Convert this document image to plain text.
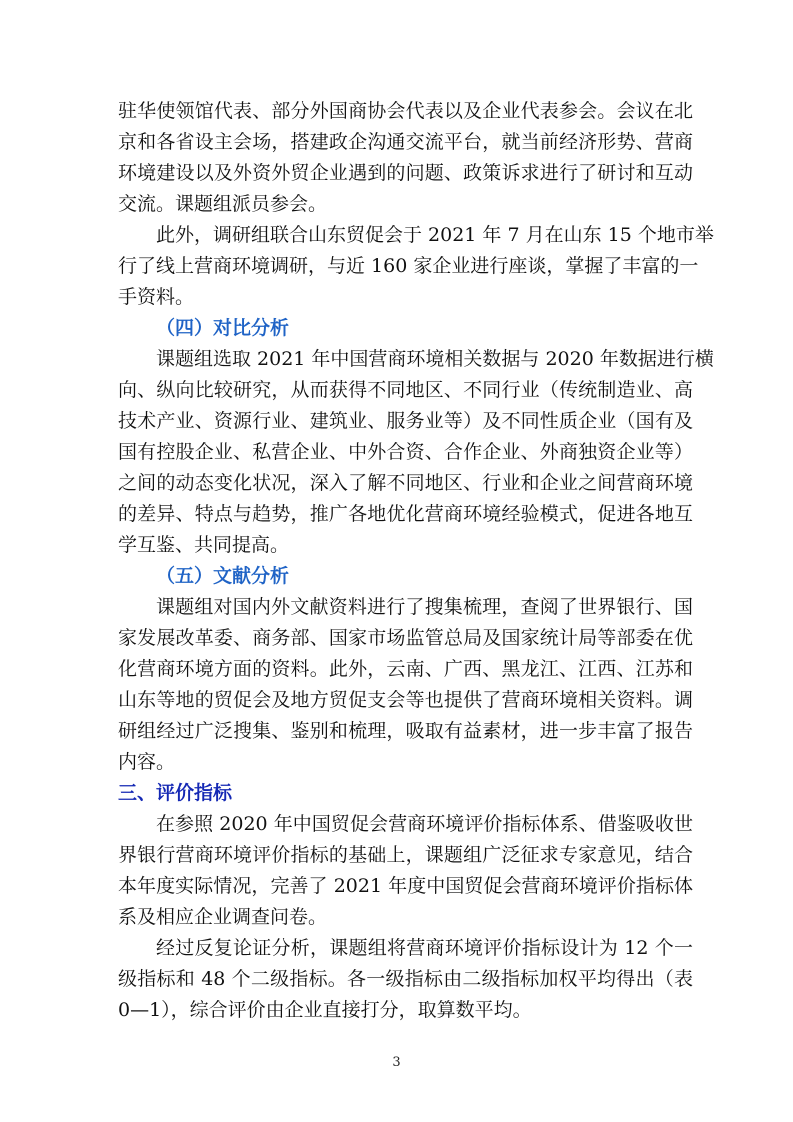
驻华使领馆代表、部分外国商协会代表以及企业代表参会。会议在北
京和各省设主会场，搭建政企沟通交流平台，就当前经济形势、营商
环境建设以及外资外贸企业遇到的问题、政策诉求进行了研讨和互动
交流。课题组派员参会。
此外，调研组联合山东贸促会于 2021 年 7 月在山东 15 个地市举
行了线上营商环境调研，与近 160 家企业进行座谈，掌握了丰富的一
手资料。
（四）对比分析
课题组选取 2021 年中国营商环境相关数据与 2020 年数据进行横
向、纵向比较研究，从而获得不同地区、不同行业（传统制造业、高
技术产业、资源行业、建筑业、服务业等）及不同性质企业（国有及
国有控股企业、私营企业、中外合资、合作企业、外商独资企业等）
之间的动态变化状况，深入了解不同地区、行业和企业之间营商环境
的差异、特点与趋势，推广各地优化营商环境经验模式，促进各地互
学互鉴、共同提高。
（五）文献分析
课题组对国内外文献资料进行了搜集梳理，查阅了世界银行、国
家发展改革委、商务部、国家市场监管总局及国家统计局等部委在优
化营商环境方面的资料。此外，云南、广西、黑龙江、江西、江苏和
山东等地的贸促会及地方贸促支会等也提供了营商环境相关资料。调
研组经过广泛搜集、鉴别和梳理，吸取有益素材，进一步丰富了报告
内容。
三、评价指标
在参照 2020 年中国贸促会营商环境评价指标体系、借鉴吸收世
界银行营商环境评价指标的基础上，课题组广泛征求专家意见，结合
本年度实际情况，完善了 2021 年度中国贸促会营商环境评价指标体
系及相应企业调查问卷。
经过反复论证分析，课题组将营商环境评价指标设计为 12 个一
级指标和 48 个二级指标。各一级指标由二级指标加权平均得出（表
0—1），综合评价由企业直接打分，取算数平均。
3
